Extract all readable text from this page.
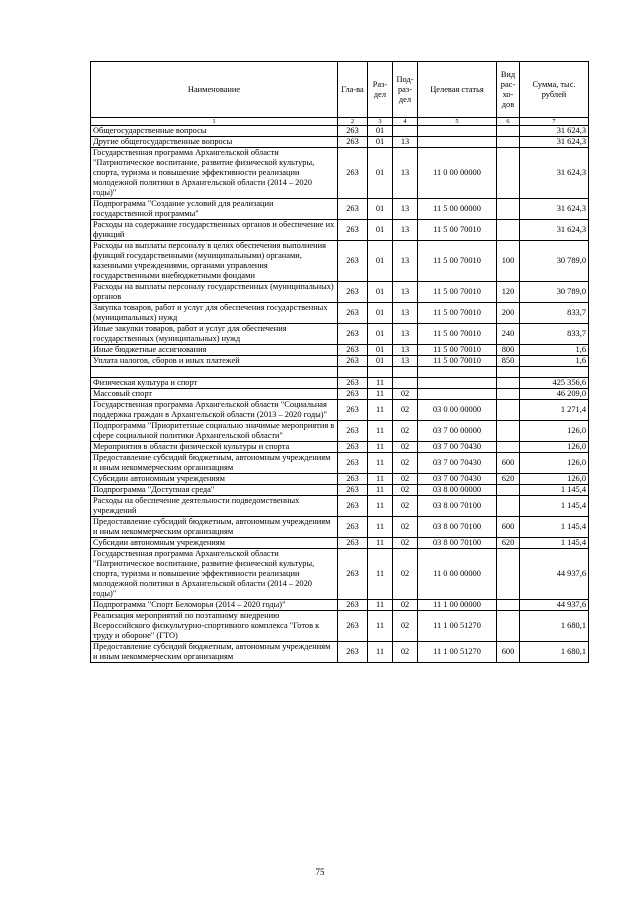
Наименование	Гла-ва	Раз-дел	Под-раз-дел	Целевая статья	Вид рас-хо-дов	Сумма, тыс. рублей
1	2	3	4	5	6	7
Общегосударственные вопросы	263	01				31 624,3
Другие общегосударственные вопросы	263	01	13			31 624,3
Государственная программа Архангельской области "Патриотическое воспитание, развитие физической культуры, спорта, туризма и повышение эффективности реализации молодежной политики в Архангельской области (2014 – 2020 годы)"	263	01	13	11 0 00 00000		31 624,3
Подпрограмма "Создание условий для реализации государственной программы"	263	01	13	11 5 00 00000		31 624,3
Расходы на содержание государственных органов и обеспечение их функций	263	01	13	11 5 00 70010		31 624,3
Расходы на выплаты персоналу в целях обеспечения выполнения функций государственными (муниципальными) органами, казенными учреждениями, органами управления государственными внебюджетными фондами	263	01	13	11 5 00 70010	100	30 789,0
Расходы на выплаты персоналу государственных (муниципальных) органов	263	01	13	11 5 00 70010	120	30 789,0
Закупка товаров, работ и услуг для обеспечения государственных (муниципальных) нужд	263	01	13	11 5 00 70010	200	833,7
Иные закупки товаров, работ и услуг для обеспечения государственных (муниципальных) нужд	263	01	13	11 5 00 70010	240	833,7
Иные бюджетные ассигнования	263	01	13	11 5 00 70010	800	1,6
Уплата налогов, сборов и иных платежей	263	01	13	11 5 00 70010	850	1,6

Физическая культура и спорт	263	11				425 356,6
Массовый спорт	263	11	02			46 209,0
Государственная программа Архангельской области "Социальная поддержка граждан в Архангельской области (2013 – 2020 годы)"	263	11	02	03 0 00 00000		1 271,4
Подпрограмма "Приоритетные социально значимые мероприятия в сфере социальной политики Архангельской области"	263	11	02	03 7 00 00000		126,0
Мероприятия в области физической культуры и спорта	263	11	02	03 7 00 70430		126,0
Предоставление субсидий бюджетным, автономным учреждениям и иным некоммерческим организациям	263	11	02	03 7 00 70430	600	126,0
Субсидии автономным учреждениям	263	11	02	03 7 00 70430	620	126,0
Подпрограмма "Доступная среда"	263	11	02	03 8 00 00000		1 145,4
Расходы на обеспечение деятельности подведомственных учреждений	263	11	02	03 8 00 70100		1 145,4
Предоставление субсидий бюджетным, автономным учреждениям и иным некоммерческим организациям	263	11	02	03 8 00 70100	600	1 145,4
Субсидии автономным учреждениям	263	11	02	03 8 00 70100	620	1 145,4
Государственная программа Архангельской области "Патриотическое воспитание, развитие физической культуры, спорта, туризма и повышение эффективности реализации молодежной политики в Архангельской области (2014 – 2020 годы)"	263	11	02	11 0 00 00000		44 937,6
Подпрограмма "Спорт Беломорья (2014 – 2020 годы)"	263	11	02	11 1 00 00000		44 937,6
Реализация мероприятий по поэтапному внедрению Всероссийского физкультурно-спортивного комплекса "Готов к труду и обороне" (ГТО)	263	11	02	11 1 00 51270		1 680,1
Предоставление субсидий бюджетным, автономным учреждениям и иным некоммерческим организациям	263	11	02	11 1 00 51270	600	1 680,1
75
